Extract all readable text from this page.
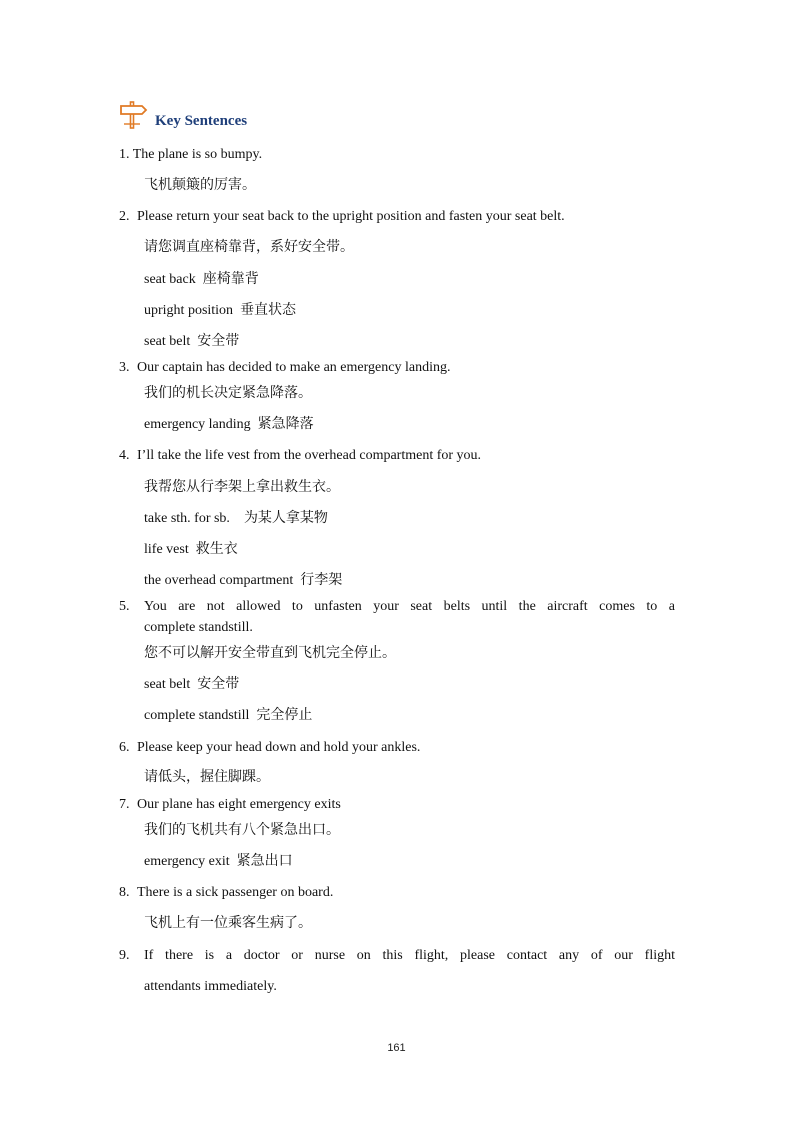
Key Sentences
1. The plane is so bumpy.
飞机颠簸的厉害。
2. Please return your seat back to the upright position and fasten your seat belt.
请您调直座椅靠背，系好安全带。
seat back 座椅靠背
upright position 垂直状态
seat belt 安全带
3. Our captain has decided to make an emergency landing.
我们的机长决定紧急降落。
emergency landing 紧急降落
4. I’ll take the life vest from the overhead compartment for you.
我帮您从行李架上拿出救生衣。
take sth. for sb. 为某人拿某物
life vest 救生衣
the overhead compartment 行李架
5. You are not allowed to unfasten your seat belts until the aircraft comes to a
complete standstill.
您不可以解开安全带直到飞机完全停止。
seat belt 安全带
complete standstill 完全停止
6. Please keep your head down and hold your ankles.
请低头，握住脚踝。
7. Our plane has eight emergency exits
我们的飞机共有八个紧急出口。
emergency exit 紧急出口
8. There is a sick passenger on board.
飞机上有一位乘客生病了。
9. If there is a doctor or nurse on this flight, please contact any of our flight
attendants immediately.
161
